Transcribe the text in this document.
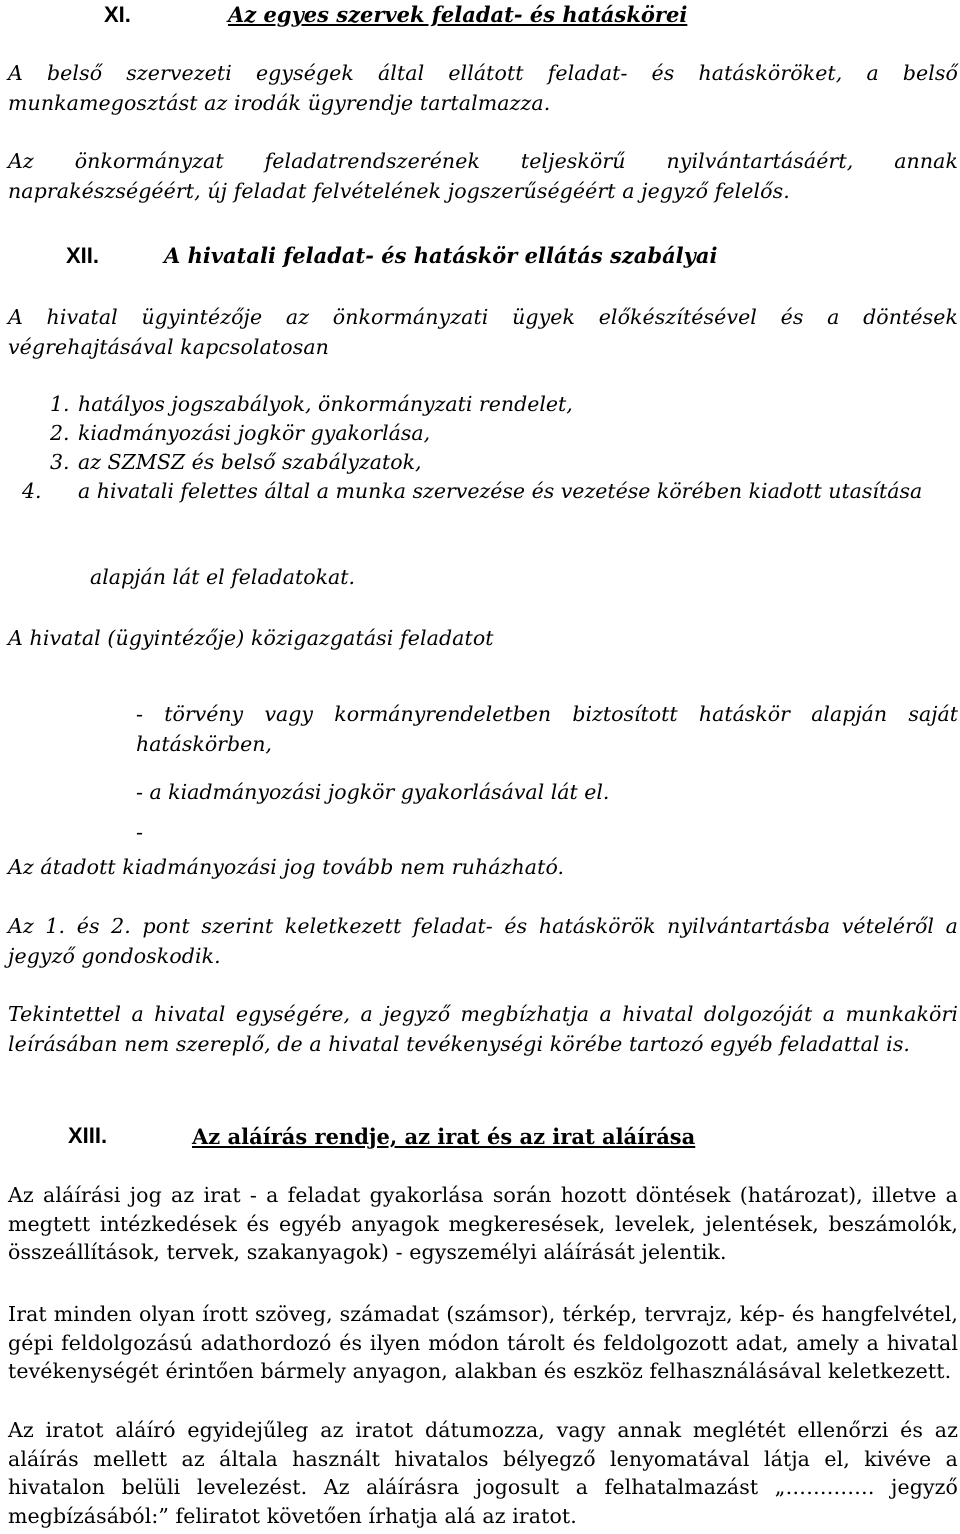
XI.	Az egyes szervek feladat- és hatáskörei

A belső szervezeti egységek által ellátott feladat- és hatásköröket, a belső munkamegosztást az irodák ügyrendje tartalmazza.

Az önkormányzat feladatrendszerének teljeskörű nyilvántartásáért, annak naprakészségéért, új feladat felvételének jogszerűségéért a jegyző felelős.

XII.	A hivatali feladat- és hatáskör ellátás szabályai

A hivatal ügyintézője az önkormányzati ügyek előkészítésével és a döntések végrehajtásával kapcsolatosan

1. hatályos jogszabályok, önkormányzati rendelet,

2. kiadmányozási jogkör gyakorlása,

3. az SZMSZ és belső szabályzatok,

4. a hivatali felettes által a munka szervezése és vezetése körében kiadott utasítása

alapján lát el feladatokat.

A hivatal (ügyintézője) közigazgatási feladatot

- törvény vagy kormányrendeletben biztosított hatáskör alapján saját hatáskörben,

- a kiadmányozási jogkör gyakorlásával lát el.

-

Az átadott kiadmányozási jog tovább nem ruházható.

Az 1. és 2. pont szerint keletkezett feladat- és hatáskörök nyilvántartásba vételéről a jegyző gondoskodik.

Tekintettel a hivatal egységére, a jegyző megbízhatja a hivatal dolgozóját a munkaköri leírásában nem szereplő, de a hivatal tevékenységi körébe tartozó egyéb feladattal is.

XIII.	Az aláírás rendje, az irat és az irat aláírása

Az aláírási jog az irat - a feladat gyakorlása során hozott döntések (határozat), illetve a megtett intézkedések és egyéb anyagok megkeresések, levelek, jelentések, beszámolók, összeállítások, tervek, szakanyagok) - egyszemélyi aláírását jelentik.

Irat minden olyan írott szöveg, számadat (számsor), térkép, tervrajz, kép- és hangfelvétel, gépi feldolgozású adathordozó és ilyen módon tárolt és feldolgozott adat, amely a hivatal tevékenységét érintően bármely anyagon, alakban és eszköz felhasználásával keletkezett.

Az iratot aláíró egyidejűleg az iratot dátumozza, vagy annak meglétét ellenőrzi és az aláírás mellett az általa használt hivatalos bélyegző lenyomatával látja el, kivéve a hivatalon belüli levelezést. Az aláírásra jogosult a felhatalmazást „…………. jegyző megbízásából:” feliratot követően írhatja alá az iratot.
